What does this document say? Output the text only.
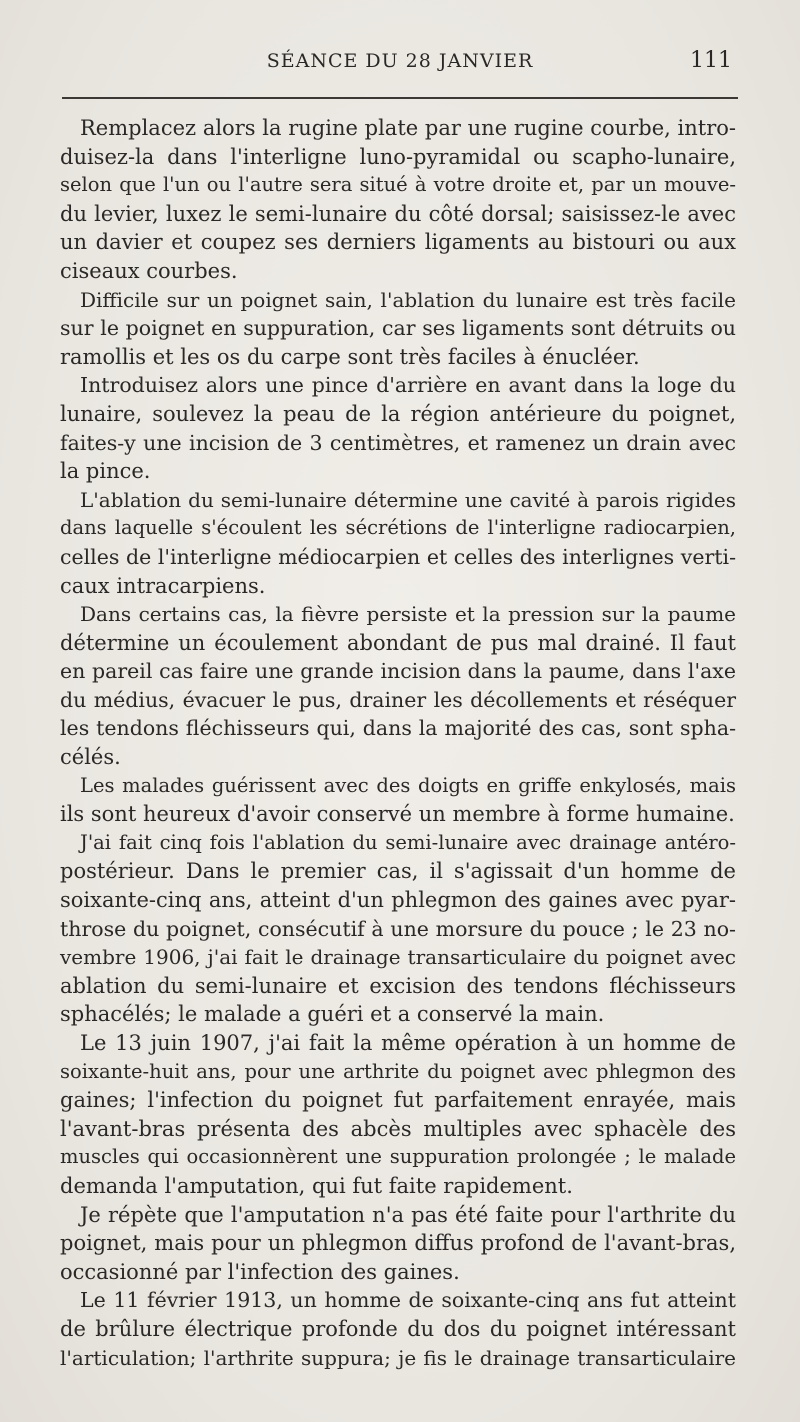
SÉANCE DU 28 JANVIER	111
Remplacez alors la rugine plate par une rugine courbe, intro-
duisez-la dans l'interligne luno-pyramidal ou scapho-lunaire,
selon que l'un ou l'autre sera situé à votre droite et, par un mouve-
du levier, luxez le semi-lunaire du côté dorsal; saisissez-le avec
un davier et coupez ses derniers ligaments au bistouri ou aux
ciseaux courbes.
Difficile sur un poignet sain, l'ablation du lunaire est très facile
sur le poignet en suppuration, car ses ligaments sont détruits ou
ramollis et les os du carpe sont très faciles à énucléer.
Introduisez alors une pince d'arrière en avant dans la loge du
lunaire, soulevez la peau de la région antérieure du poignet,
faites-y une incision de 3 centimètres, et ramenez un drain avec
la pince.
L'ablation du semi-lunaire détermine une cavité à parois rigides
dans laquelle s'écoulent les sécrétions de l'interligne radiocarpien,
celles de l'interligne médiocarpien et celles des interlignes verti-
caux intracarpiens.
Dans certains cas, la fièvre persiste et la pression sur la paume
détermine un écoulement abondant de pus mal drainé. Il faut
en pareil cas faire une grande incision dans la paume, dans l'axe
du médius, évacuer le pus, drainer les décollements et réséquer
les tendons fléchisseurs qui, dans la majorité des cas, sont spha-
célés.
Les malades guérissent avec des doigts en griffe enkylosés, mais
ils sont heureux d'avoir conservé un membre à forme humaine.
J'ai fait cinq fois l'ablation du semi-lunaire avec drainage antéro-
postérieur. Dans le premier cas, il s'agissait d'un homme de
soixante-cinq ans, atteint d'un phlegmon des gaines avec pyar-
throse du poignet, consécutif à une morsure du pouce ; le 23 no-
vembre 1906, j'ai fait le drainage transarticulaire du poignet avec
ablation du semi-lunaire et excision des tendons fléchisseurs
sphacélés; le malade a guéri et a conservé la main.
Le 13 juin 1907, j'ai fait la même opération à un homme de
soixante-huit ans, pour une arthrite du poignet avec phlegmon des
gaines; l'infection du poignet fut parfaitement enrayée, mais
l'avant-bras présenta des abcès multiples avec sphacèle des
muscles qui occasionnèrent une suppuration prolongée ; le malade
demanda l'amputation, qui fut faite rapidement.
Je répète que l'amputation n'a pas été faite pour l'arthrite du
poignet, mais pour un phlegmon diffus profond de l'avant-bras,
occasionné par l'infection des gaines.
Le 11 février 1913, un homme de soixante-cinq ans fut atteint
de brûlure électrique profonde du dos du poignet intéressant
l'articulation; l'arthrite suppura; je fis le drainage transarticulaire
